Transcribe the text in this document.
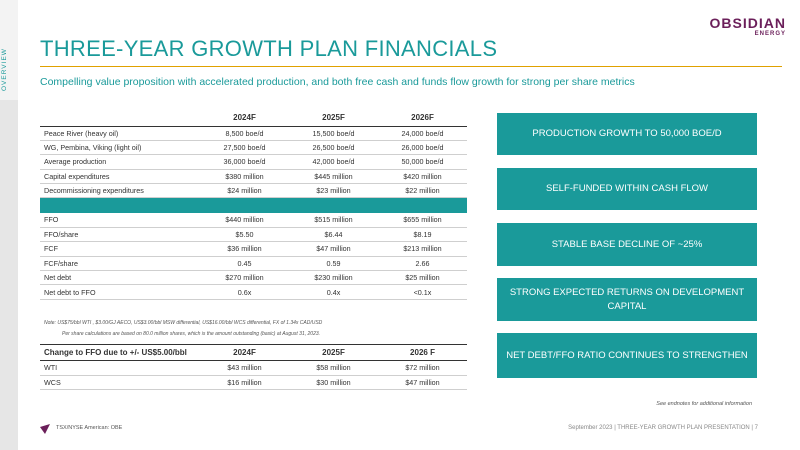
OVERVIEW
OBSIDIAN
ENERGY
THREE-YEAR GROWTH PLAN FINANCIALS
Compelling value proposition with accelerated production, and both free cash and funds flow growth for strong per share metrics
	2024F	2025F	2026F
Peace River (heavy oil)	8,500 boe/d	15,500 boe/d	24,000 boe/d
WG, Pembina, Viking (light oil)	27,500 boe/d	26,500 boe/d	26,000 boe/d
Average production	36,000 boe/d	42,000 boe/d	50,000 boe/d
Capital expenditures	$380 million	$445 million	$420 million
Decommissioning expenditures	$24 million	$23 million	$22 million

FFO	$440 million	$515 million	$655 million
FFO/share	$5.50	$6.44	$8.19
FCF	$36 million	$47 million	$213 million
FCF/share	0.45	0.59	2.66
Net debt	$270 million	$230 million	$25 million
Net debt to FFO	0.6x	0.4x	<0.1x
Note: US$75/bbl WTI , $3.00/GJ AECO, US$3.00/bbl MSW differential, US$16.00/bbl WCS differential, FX of 1.34x CAD/USD
Per share calculations are based on 80.0 million shares, which is the amount outstanding (basic) at August 31, 2023.
Change to FFO due to +/- US$5.00/bbl	2024F	2025F	2026 F
WTI	$43 million	$58 million	$72 million
WCS	$16 million	$30 million	$47 million
PRODUCTION GROWTH TO 50,000 BOE/D
SELF-FUNDED WITHIN CASH FLOW
STABLE BASE DECLINE OF ~25%
STRONG EXPECTED RETURNS ON DEVELOPMENT CAPITAL
NET DEBT/FFO RATIO CONTINUES TO STRENGTHEN
See endnotes for additional information
TSX/NYSE American: OBE	September 2023 | THREE-YEAR GROWTH PLAN PRESENTATION | 7
